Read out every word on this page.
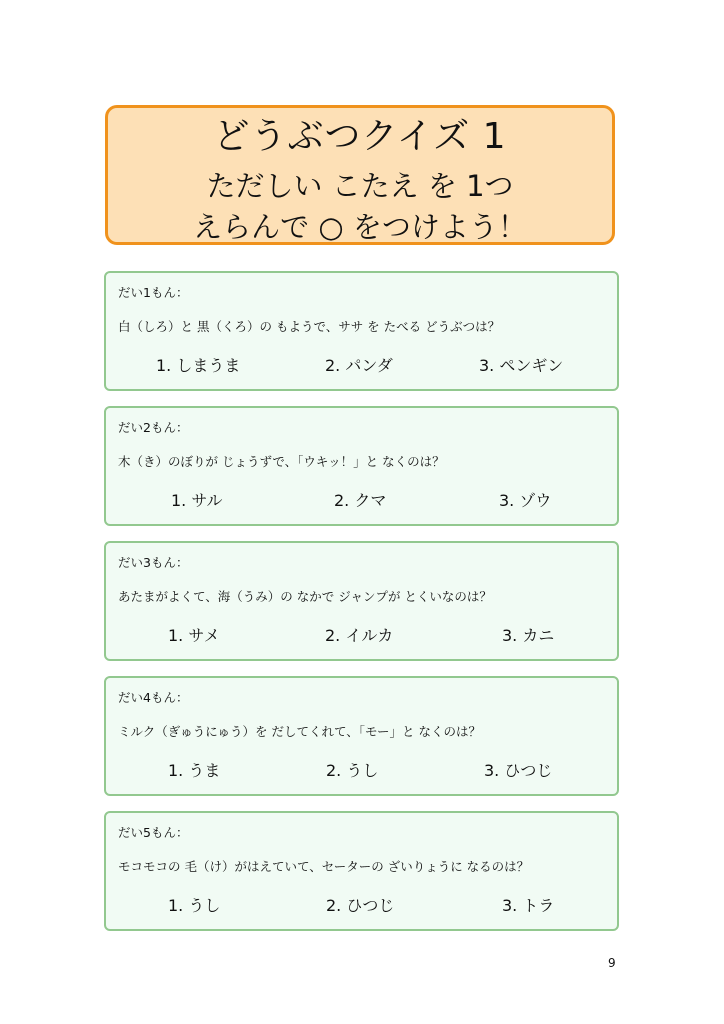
どうぶつクイズ 1
ただしい こたえ を 1つ
えらんで ○ をつけよう！
だい1もん：
白（しろ）と 黒（くろ）の もようで、ササ を たべる どうぶつは？
1. しまうま	2. パンダ	3. ペンギン
だい2もん：
木（き）のぼりが じょうずで、「ウキッ！」と なくのは？
1. サル	2. クマ	3. ゾウ
だい3もん：
あたまがよくて、海（うみ）の なかで ジャンプが とくいなのは？
1. サメ	2. イルカ	3. カニ
だい4もん：
ミルク（ぎゅうにゅう）を だしてくれて、「モー」と なくのは？
1. うま	2. うし	3. ひつじ
だい5もん：
モコモコの 毛（け）がはえていて、セーターの ざいりょうに なるのは？
1. うし	2. ひつじ	3. トラ
9
